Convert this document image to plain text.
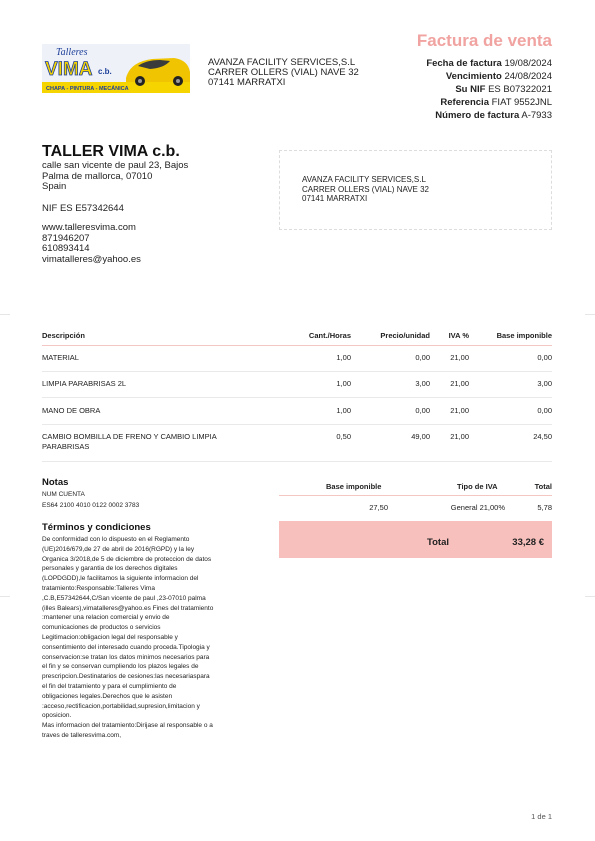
Talleres
VIMA c.b.
CHAPA - PINTURA - MECÁNICA
AVANZA FACILITY SERVICES,S.L
CARRER OLLERS (VIAL) NAVE 32
07141 MARRATXI
Factura de venta
Fecha de factura 19/08/2024
Vencimiento 24/08/2024
Su NIF ES B07322021
Referencia FIAT 9552JNL
Número de factura A-7933
TALLER VIMA c.b.
calle san vicente de paul 23, Bajos
Palma de mallorca, 07010
Spain
NIF ES E57342644
www.talleresvima.com
871946207
610893414
vimatalleres@yahoo.es
AVANZA FACILITY SERVICES,S.L
CARRER OLLERS (VIAL) NAVE 32
07141 MARRATXI
Descripción	Cant./Horas	Precio/unidad IVA %	Base imponible
MATERIAL	1,00	0,00	21,00	0,00
LIMPIA PARABRISAS 2L	1,00	3,00	21,00	3,00
MANO DE OBRA	1,00	0,00	21,00	0,00
CAMBIO BOMBILLA DE FRENO Y CAMBIO LIMPIA
PARABRISAS
0,50	49,00	21,00	24,50
Notas
NUM CUENTA
ES64 2100 4010 0122 0002 3783
Base imponible	Tipo de IVA	Total
27,50	General 21,00%	5,78
Total	33,28 €
Términos y condiciones
De conformidad con lo dispuesto en el Reglamento
(UE)2016/679,de 27 de abril de 2016(RGPD) y la ley
Organica 3/2018,de 5 de diciembre de proteccion de datos
personales y garantia de los derechos digitales
(LOPDGDD),le facilitamos la siguiente informacion del
tratamiento:Responsable:Talleres Vima
,C.B,E57342644,C/San vicente de paul ,23-07010 palma
(illes Balears),vimatalleres@yahoo.es Fines del tratamiento
:mantener una relacion comercial y envio de
comunicaciones de productos o servicios
Legitimacion:obligacion legal del responsable y
consentimiento del interesado cuando proceda.Tipologia y
conservacion:se tratan los datos minimos necesarios para
el fin y se conservan cumpliendo los plazos legales de
prescripcion.Destinatarios de cesiones:las necesariaspara
el fin del tratamiento y para el cumplimiento de
obligaciones legales.Derechos que le asisten
:acceso,rectificacion,portabilidad,supresion,limitacion y
oposicion.
Mas informacion del tratamiento:Dirijase al responsable o a
traves de talleresvima.com,
1 de 1
